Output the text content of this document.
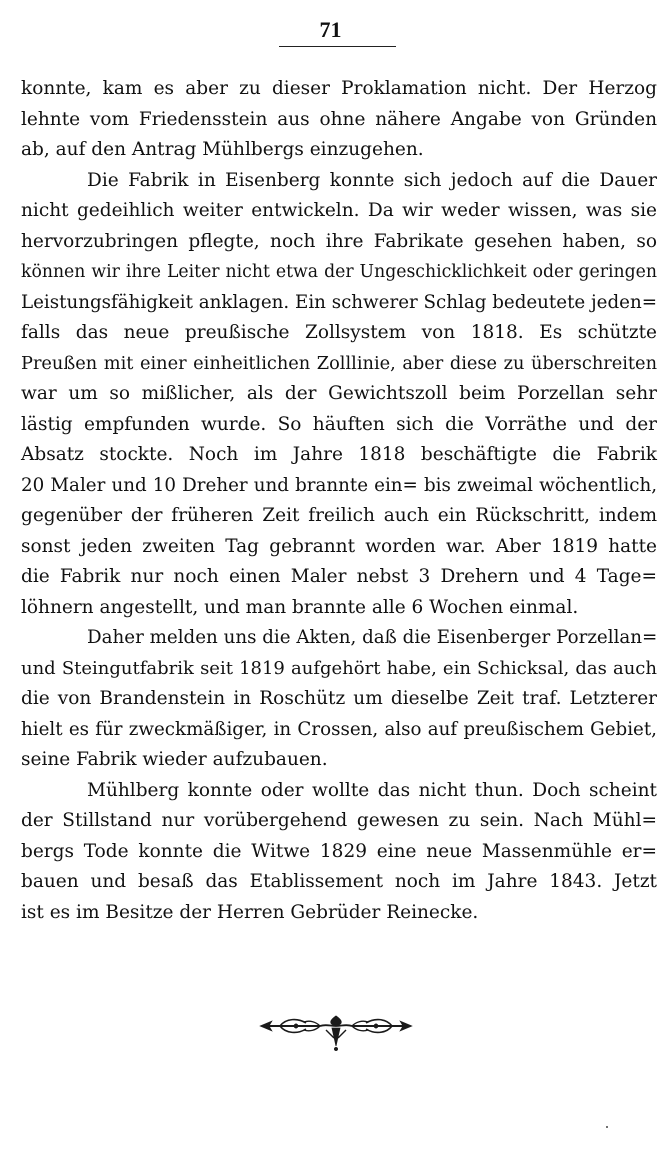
71
konnte, kam es aber zu dieser Proklamation nicht. Der Herzog
lehnte vom Friedensstein aus ohne nähere Angabe von Gründen
ab, auf den Antrag Mühlbergs einzugehen.
Die Fabrik in Eisenberg konnte sich jedoch auf die Dauer
nicht gedeihlich weiter entwickeln. Da wir weder wissen, was sie
hervorzubringen pflegte, noch ihre Fabrikate gesehen haben, so
können wir ihre Leiter nicht etwa der Ungeschicklichkeit oder geringen
Leistungsfähigkeit anklagen. Ein schwerer Schlag bedeutete jeden=
falls das neue preußische Zollsystem von 1818. Es schützte
Preußen mit einer einheitlichen Zolllinie, aber diese zu überschreiten
war um so mißlicher, als der Gewichtszoll beim Porzellan sehr
lästig empfunden wurde. So häuften sich die Vorräthe und der
Absatz stockte. Noch im Jahre 1818 beschäftigte die Fabrik
20 Maler und 10 Dreher und brannte ein= bis zweimal wöchentlich,
gegenüber der früheren Zeit freilich auch ein Rückschritt, indem
sonst jeden zweiten Tag gebrannt worden war. Aber 1819 hatte
die Fabrik nur noch einen Maler nebst 3 Drehern und 4 Tage=
löhnern angestellt, und man brannte alle 6 Wochen einmal.
Daher melden uns die Akten, daß die Eisenberger Porzellan=
und Steingutfabrik seit 1819 aufgehört habe, ein Schicksal, das auch
die von Brandenstein in Roschütz um dieselbe Zeit traf. Letzterer
hielt es für zweckmäßiger, in Crossen, also auf preußischem Gebiet,
seine Fabrik wieder aufzubauen.
Mühlberg konnte oder wollte das nicht thun. Doch scheint
der Stillstand nur vorübergehend gewesen zu sein. Nach Mühl=
bergs Tode konnte die Witwe 1829 eine neue Massenmühle er=
bauen und besaß das Etablissement noch im Jahre 1843. Jetzt
ist es im Besitze der Herren Gebrüder Reinecke.
